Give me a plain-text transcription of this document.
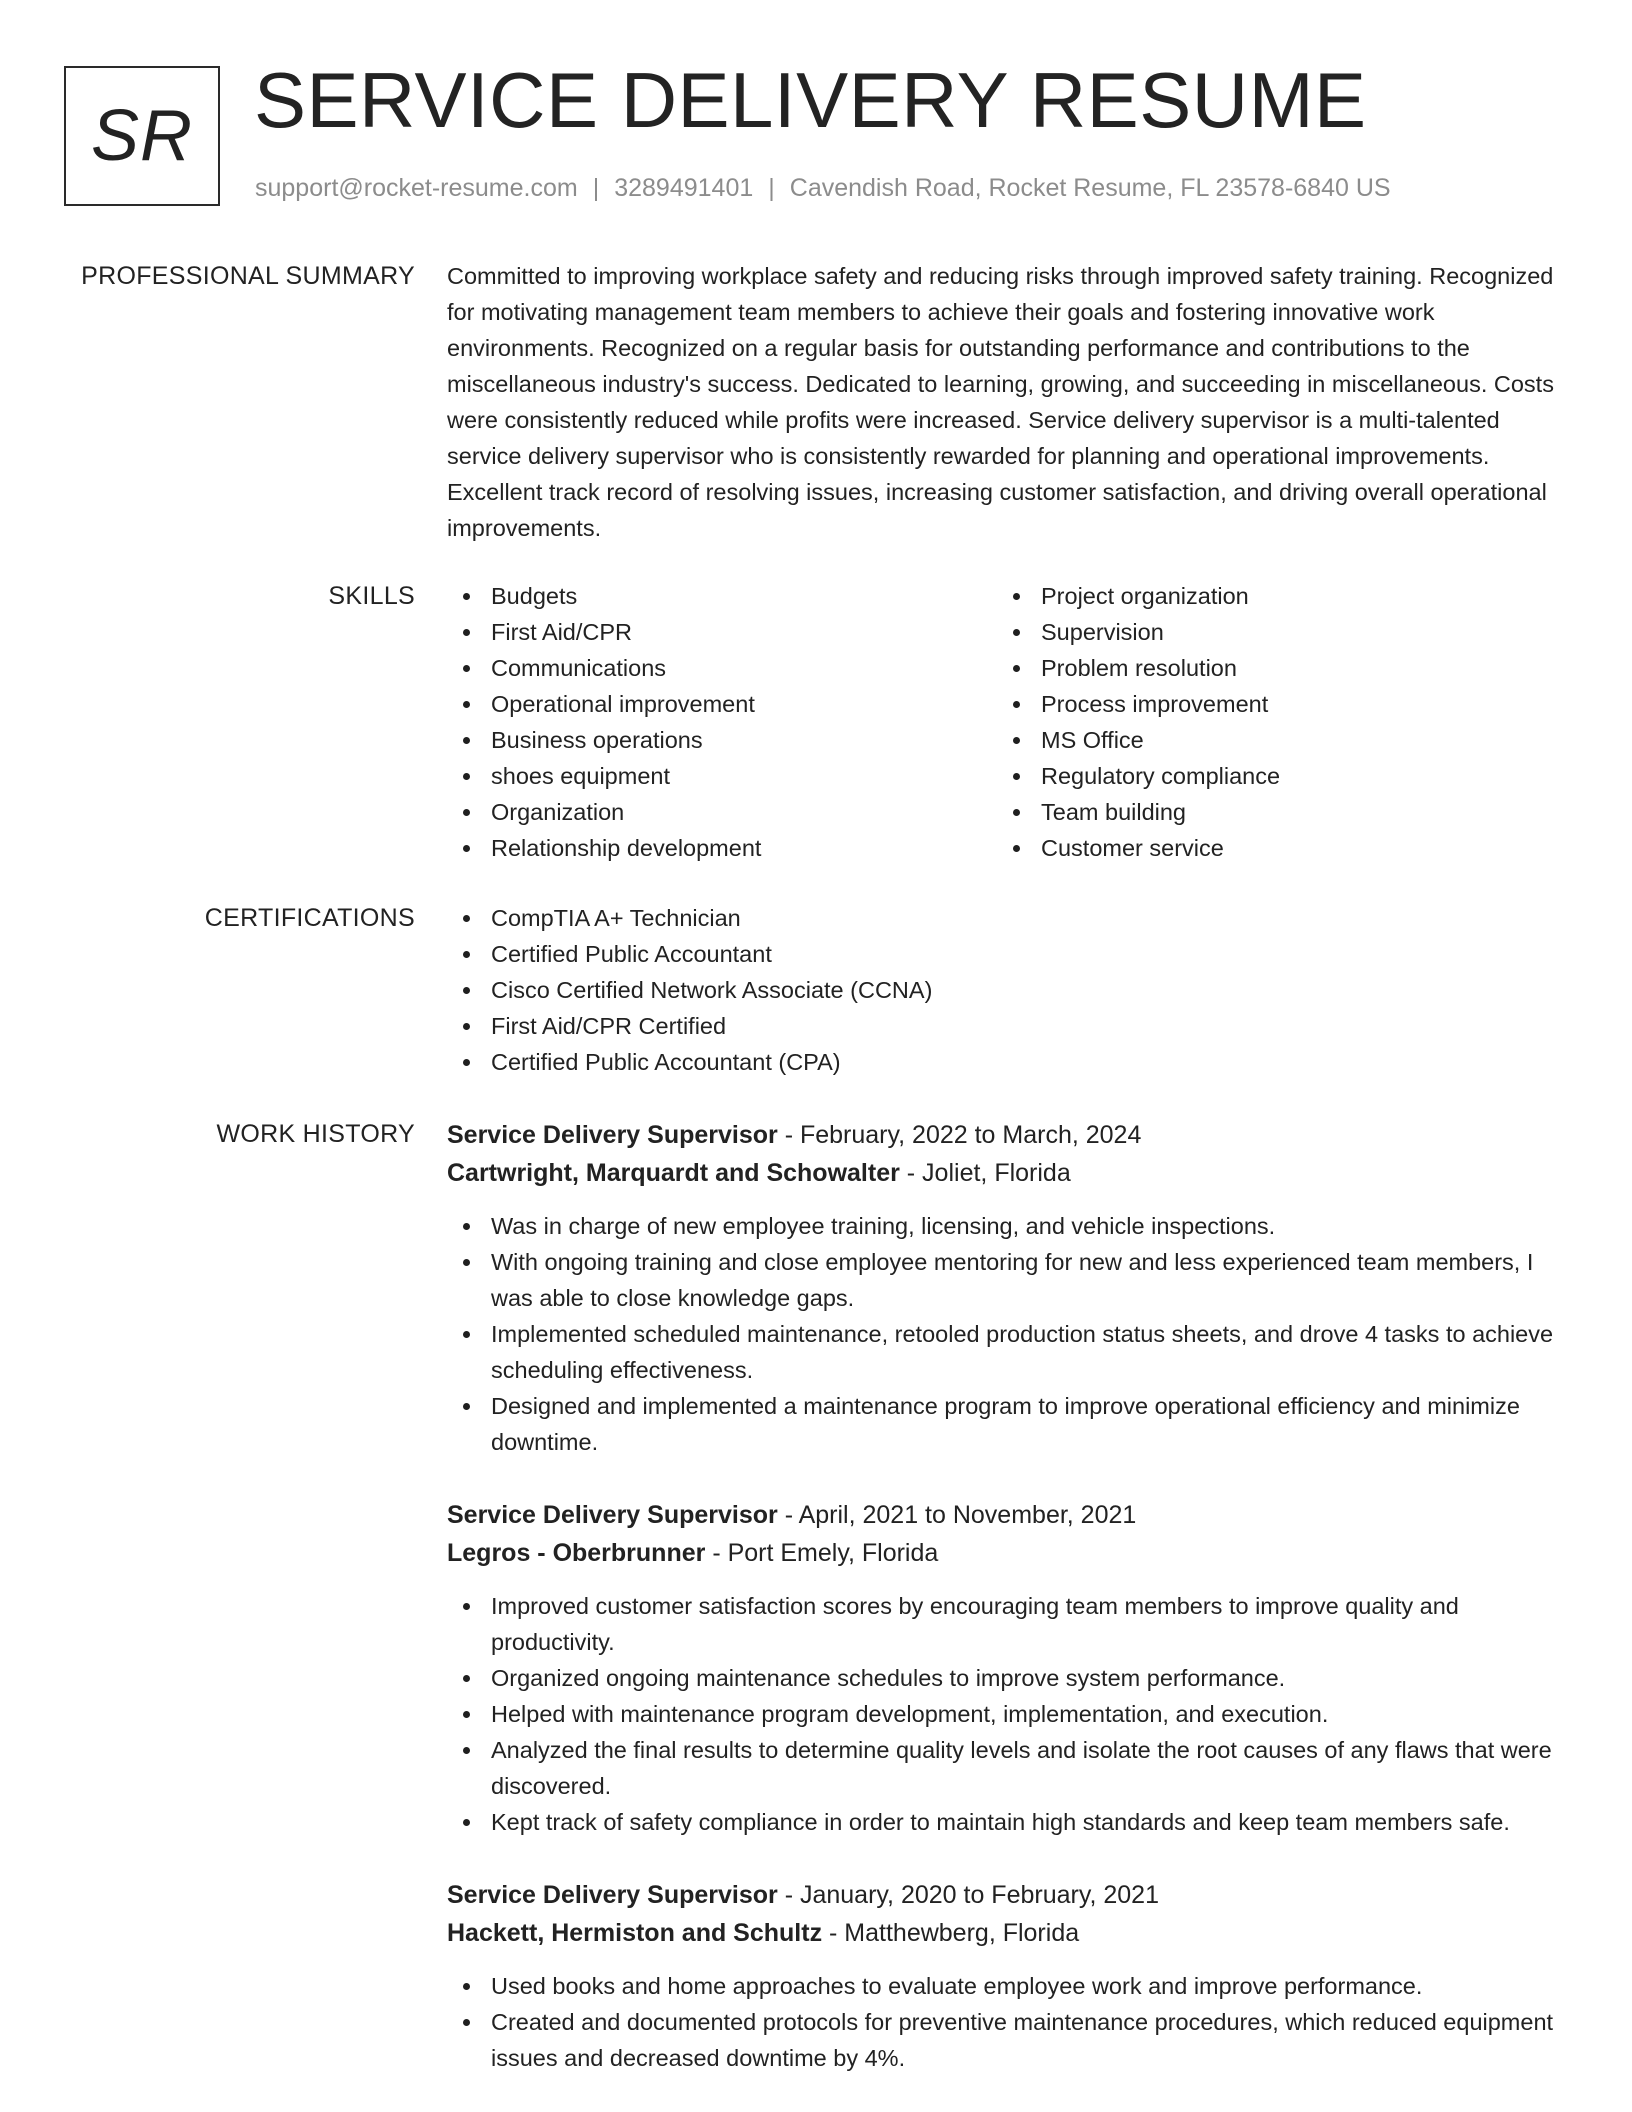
SR SERVICE DELIVERY RESUME
support@rocket-resume.com | 3289491401 | Cavendish Road, Rocket Resume, FL 23578-6840 US
PROFESSIONAL SUMMARY Committed to improving workplace safety and reducing risks through improved safety training. Recognized for motivating management team members to achieve their goals and fostering innovative work environments. Recognized on a regular basis for outstanding performance and contributions to the miscellaneous industry's success. Dedicated to learning, growing, and succeeding in miscellaneous. Costs were consistently reduced while profits were increased. Service delivery supervisor is a multi-talented service delivery supervisor who is consistently rewarded for planning and operational improvements. Excellent track record of resolving issues, increasing customer satisfaction, and driving overall operational improvements.

SKILLS	Budgets
First Aid/CPR
Communications
Operational improvement
Business operations
shoes equipment
Organization
Relationship development
Project organization
Supervision
Problem resolution
Process improvement
MS Office
Regulatory compliance
Team building
Customer service
CERTIFICATIONS	CompTIA A+ Technician
Certified Public Accountant
Cisco Certified Network Associate (CCNA)
First Aid/CPR Certified
Certified Public Accountant (CPA)
WORK HISTORY Service Delivery Supervisor - February, 2022 to March, 2024
Cartwright, Marquardt and Schowalter - Joliet, Florida
Was in charge of new employee training, licensing, and vehicle inspections.
With ongoing training and close employee mentoring for new and less experienced team members, I was able to close knowledge gaps.
Implemented scheduled maintenance, retooled production status sheets, and drove 4 tasks to achieve scheduling effectiveness.
Designed and implemented a maintenance program to improve operational efficiency and minimize downtime.
Service Delivery Supervisor - April, 2021 to November, 2021
Legros - Oberbrunner - Port Emely, Florida
Improved customer satisfaction scores by encouraging team members to improve quality and productivity.
Organized ongoing maintenance schedules to improve system performance.
Helped with maintenance program development, implementation, and execution.
Analyzed the final results to determine quality levels and isolate the root causes of any flaws that were discovered.
Kept track of safety compliance in order to maintain high standards and keep team members safe.
Service Delivery Supervisor - January, 2020 to February, 2021
Hackett, Hermiston and Schultz - Matthewberg, Florida
Used books and home approaches to evaluate employee work and improve performance.
Created and documented protocols for preventive maintenance procedures, which reduced equipment issues and decreased downtime by 4%.
